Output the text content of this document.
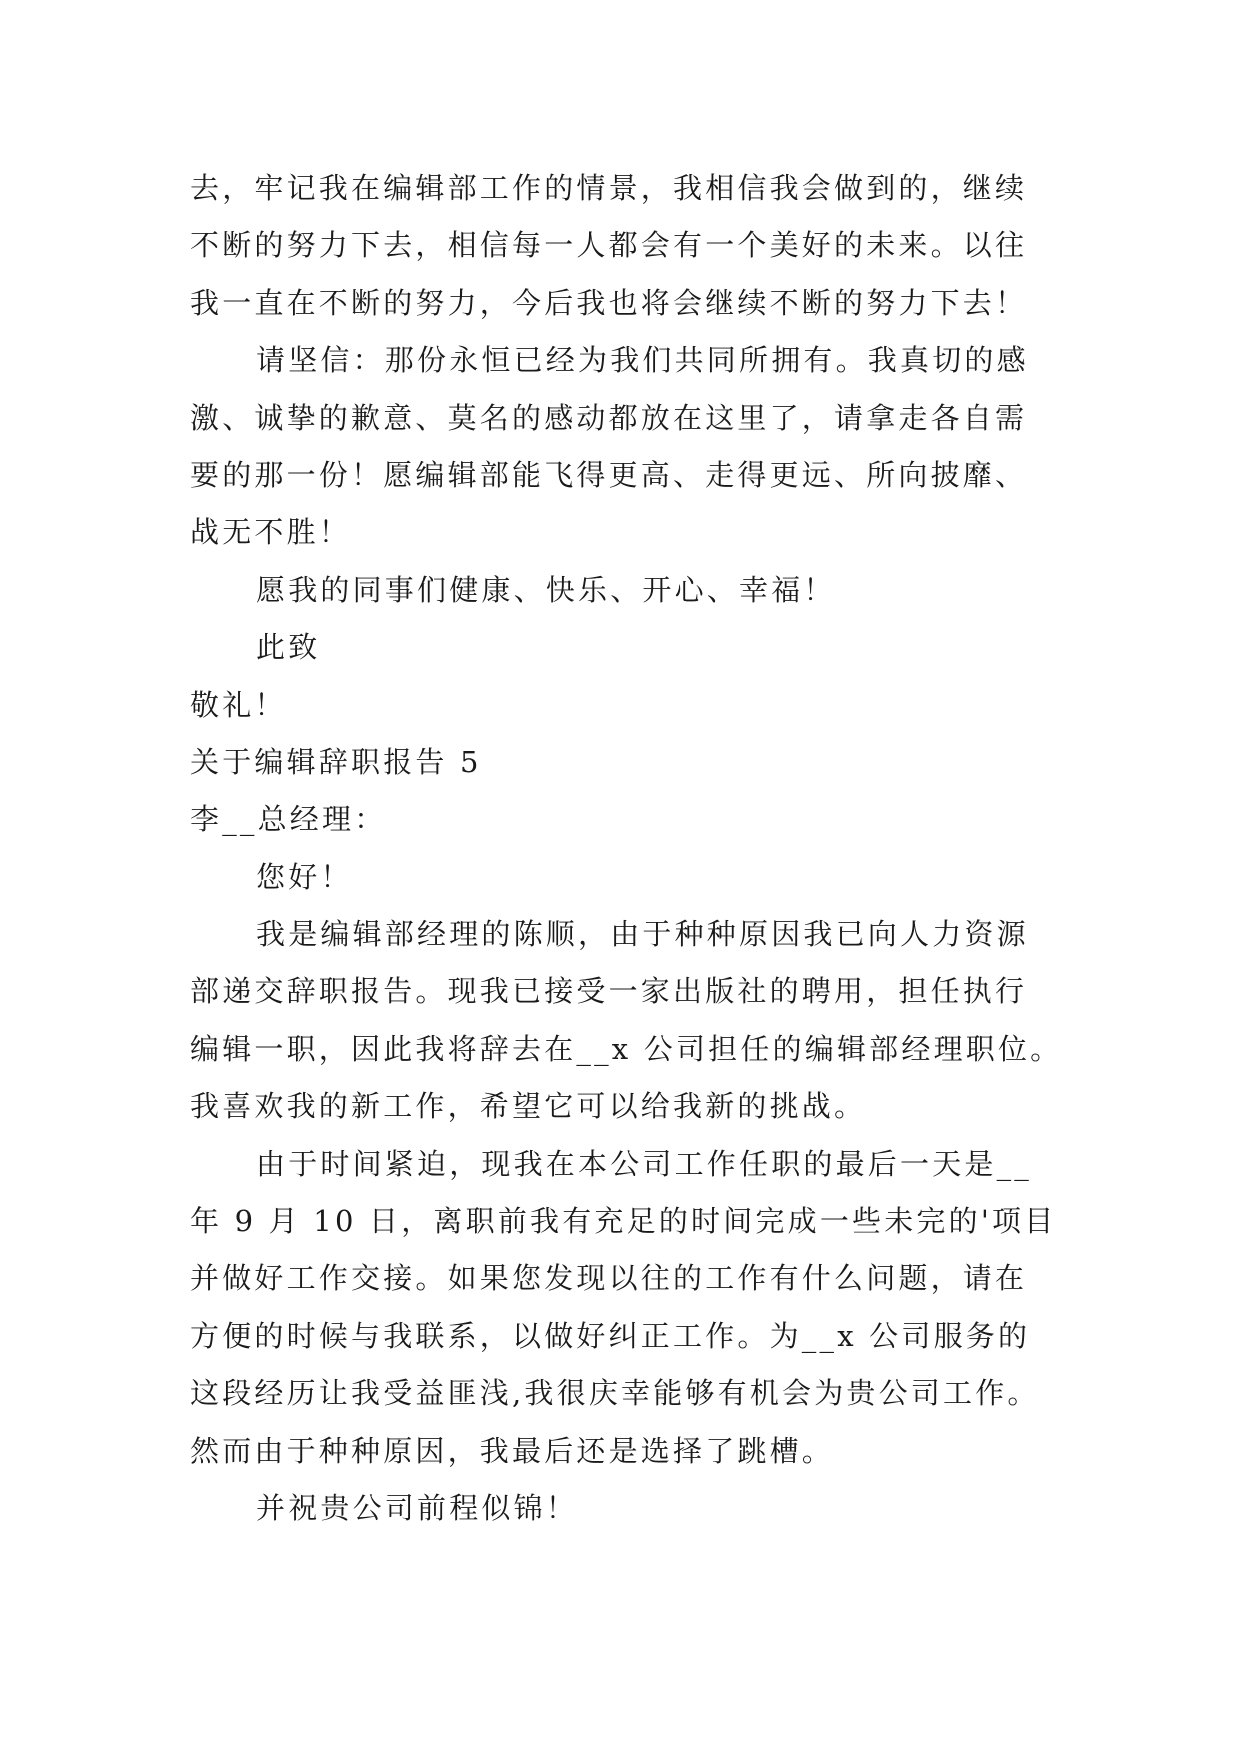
去，牢记我在编辑部工作的情景，我相信我会做到的，继续
不断的努力下去，相信每一人都会有一个美好的未来。以往
我一直在不断的努力，今后我也将会继续不断的努力下去！
请坚信：那份永恒已经为我们共同所拥有。我真切的感
激、诚挚的歉意、莫名的感动都放在这里了，请拿走各自需
要的那一份！愿编辑部能飞得更高、走得更远、所向披靡、
战无不胜！
愿我的同事们健康、快乐、开心、幸福！
此致
敬礼！
关于编辑辞职报告 5
李__总经理：
您好！
我是编辑部经理的陈顺，由于种种原因我已向人力资源
部递交辞职报告。现我已接受一家出版社的聘用，担任执行
编辑一职，因此我将辞去在__x 公司担任的编辑部经理职位。
我喜欢我的新工作，希望它可以给我新的挑战。
由于时间紧迫，现我在本公司工作任职的最后一天是__
年 9 月 10 日，离职前我有充足的时间完成一些未完的'项目
并做好工作交接。如果您发现以往的工作有什么问题，请在
方便的时候与我联系，以做好纠正工作。为__x 公司服务的
这段经历让我受益匪浅,我很庆幸能够有机会为贵公司工作。
然而由于种种原因，我最后还是选择了跳槽。
并祝贵公司前程似锦！
